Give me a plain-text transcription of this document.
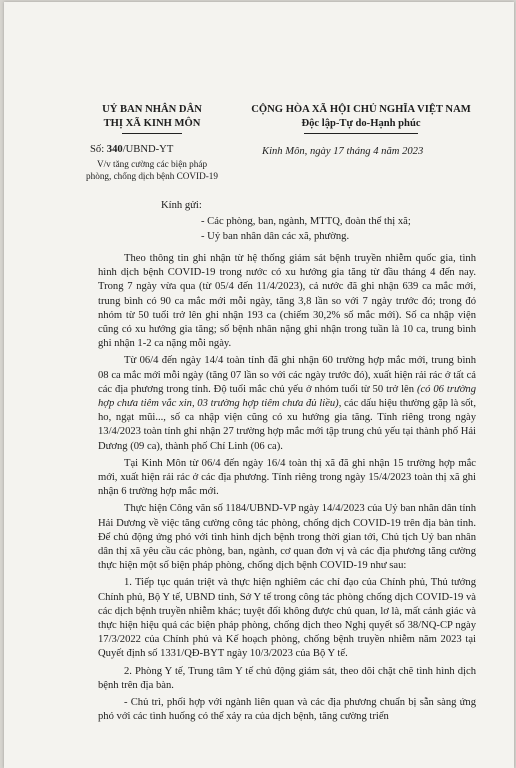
UỶ BAN NHÂN DÂN
THỊ XÃ KINH MÔN
CỘNG HÒA XÃ HỘI CHỦ NGHĨA VIỆT NAM
Độc lập-Tự do-Hạnh phúc
Số: 340/UBND-YT
V/v tăng cường các biện pháp
phòng, chống dịch bệnh COVID-19
Kinh Môn, ngày 17 tháng 4 năm 2023
Kính gửi:
- Các phòng, ban, ngành, MTTQ, đoàn thể thị xã;
- Uỷ ban nhân dân các xã, phường.

Theo thông tin ghi nhận từ hệ thống giám sát bệnh truyền nhiễm quốc gia, tình hình dịch bệnh COVID-19 trong nước có xu hướng gia tăng từ đầu tháng 4 đến nay. Trong 7 ngày vừa qua (từ 05/4 đến 11/4/2023), cả nước đã ghi nhận 639 ca mắc mới, trung bình có 90 ca mắc mới mỗi ngày, tăng 3,8 lần so với 7 ngày trước đó; trong đó nhóm từ 50 tuổi trở lên ghi nhận 193 ca (chiếm 30,2% số mắc mới). Số ca nhập viện cũng có xu hướng gia tăng; số bệnh nhân nặng ghi nhận trong tuần là 10 ca, trung bình ghi nhận 1-2 ca nặng mỗi ngày.

Từ 06/4 đến ngày 14/4 toàn tỉnh đã ghi nhận 60 trường hợp mắc mới, trung bình 08 ca mắc mới mỗi ngày (tăng 07 lần so với các ngày trước đó), xuất hiện rải rác ở tất cả các địa phương trong tỉnh. Độ tuổi mắc chủ yếu ở nhóm tuổi từ 50 trở lên (có 06 trường hợp chưa tiêm vắc xin, 03 trường hợp tiêm chưa đủ liều), các dấu hiệu thường gặp là sốt, ho, ngạt mũi..., số ca nhập viện cũng có xu hướng gia tăng. Tính riêng trong ngày 13/4/2023 toàn tỉnh ghi nhận 27 trường hợp mắc mới tập trung chủ yếu tại thành phố Hải Dương (09 ca), thành phố Chí Linh (06 ca).

Tại Kinh Môn từ 06/4 đến ngày 16/4 toàn thị xã đã ghi nhận 15 trường hợp mắc mới, xuất hiện rải rác ở các địa phương. Tính riêng trong ngày 15/4/2023 toàn thị xã ghi nhận 6 trường hợp mắc mới.

Thực hiện Công văn số 1184/UBND-VP ngày 14/4/2023 của Uỷ ban nhân dân tỉnh Hải Dương về việc tăng cường công tác phòng, chống dịch COVID-19 trên địa bàn tỉnh. Để chủ động ứng phó với tình hình dịch bệnh trong thời gian tới, Chủ tịch Uỷ ban nhân dân thị xã yêu cầu các phòng, ban, ngành, cơ quan đơn vị và các địa phương tăng cường thực hiện một số biện pháp phòng, chống dịch bệnh COVID-19 như sau:

1. Tiếp tục quán triệt và thực hiện nghiêm các chỉ đạo của Chính phủ, Thủ tướng Chính phủ, Bộ Y tế, UBND tỉnh, Sở Y tế trong công tác phòng chống dịch COVID-19 và các dịch bệnh truyền nhiễm khác; tuyệt đối không được chủ quan, lơ là, mất cảnh giác và thực hiện hiệu quả các biện pháp phòng, chống dịch theo Nghị quyết số 38/NQ-CP ngày 17/3/2022 của Chính phủ và Kế hoạch phòng, chống bệnh truyền nhiễm năm 2023 tại Quyết định số 1331/QĐ-BYT ngày 10/3/2023 của Bộ Y tế.

2. Phòng Y tế, Trung tâm Y tế chủ động giám sát, theo dõi chặt chẽ tình hình dịch bệnh trên địa bàn.

- Chủ trì, phối hợp với ngành liên quan và các địa phương chuẩn bị sẵn sàng ứng phó với các tình huống có thể xảy ra của dịch bệnh, tăng cường triển
